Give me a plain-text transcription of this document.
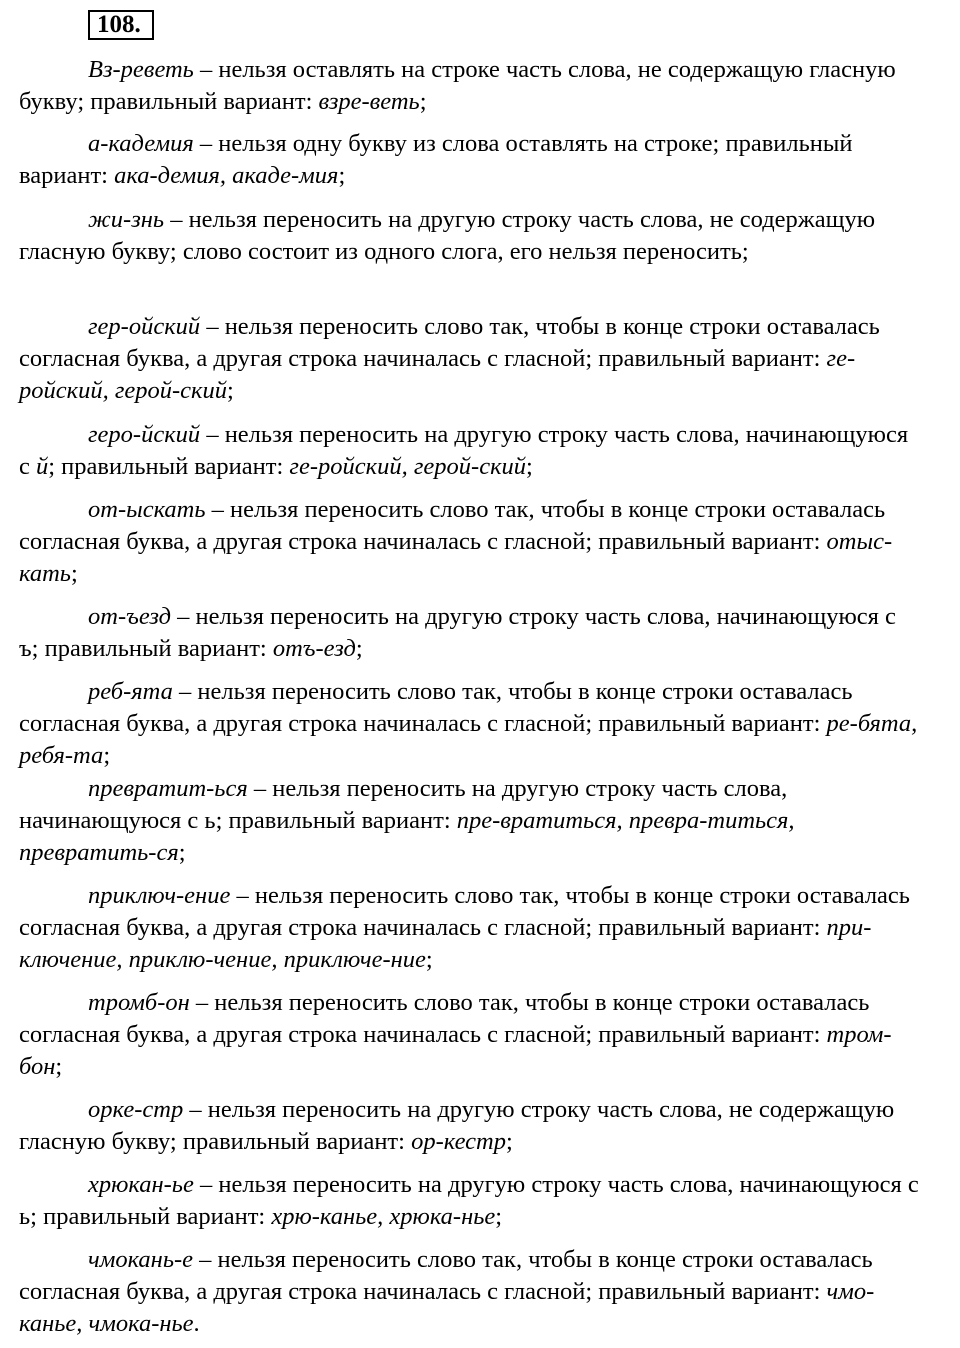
108.

Вз-реветь – нельзя оставлять на строке часть слова, не содержащую гласную букву; правильный вариант: взре-веть;

а-кадемия – нельзя одну букву из слова оставлять на строке; правильный вариант: ака-демия, акаде-мия;

жи-знь – нельзя переносить на другую строку часть слова, не содержащую гласную букву; слово состоит из одного слога, его нельзя переносить;

гер-ойский – нельзя переносить слово так, чтобы в конце строки оставалась согласная буква, а другая строка начиналась с гласной; правильный вариант: ге-ройский, герой-ский;

геро-йский – нельзя переносить на другую строку часть слова, начинающуюся с й; правильный вариант: ге-ройский, герой-ский;

от-ыскать – нельзя переносить слово так, чтобы в конце строки оставалась согласная буква, а другая строка начиналась с гласной; правильный вариант: отыс-кать;

от-ъезд – нельзя переносить на другую строку часть слова, начинающуюся с ъ; правильный вариант: отъ-езд;

реб-ята – нельзя переносить слово так, чтобы в конце строки оставалась согласная буква, а другая строка начиналась с гласной; правильный вариант: ре-бята, ребя-та;

превратит-ься – нельзя переносить на другую строку часть слова, начинающуюся с ь; правильный вариант: пре-вратиться, превра-титься, превратить-ся;

приключ-ение – нельзя переносить слово так, чтобы в конце строки оставалась согласная буква, а другая строка начиналась с гласной; правильный вариант: при-ключение, приклю-чение, приключе-ние;

тромб-он – нельзя переносить слово так, чтобы в конце строки оставалась согласная буква, а другая строка начиналась с гласной; правильный вариант: тром-бон;

орке-стр – нельзя переносить на другую строку часть слова, не содержащую гласную букву; правильный вариант: ор-кестр;

хрюкан-ье – нельзя переносить на другую строку часть слова, начинающуюся с ь; правильный вариант: хрю-канье, хрюка-нье;

чмокань-е – нельзя переносить слово так, чтобы в конце строки оставалась согласная буква, а другая строка начиналась с гласной; правильный вариант: чмо-канье, чмока-нье.
